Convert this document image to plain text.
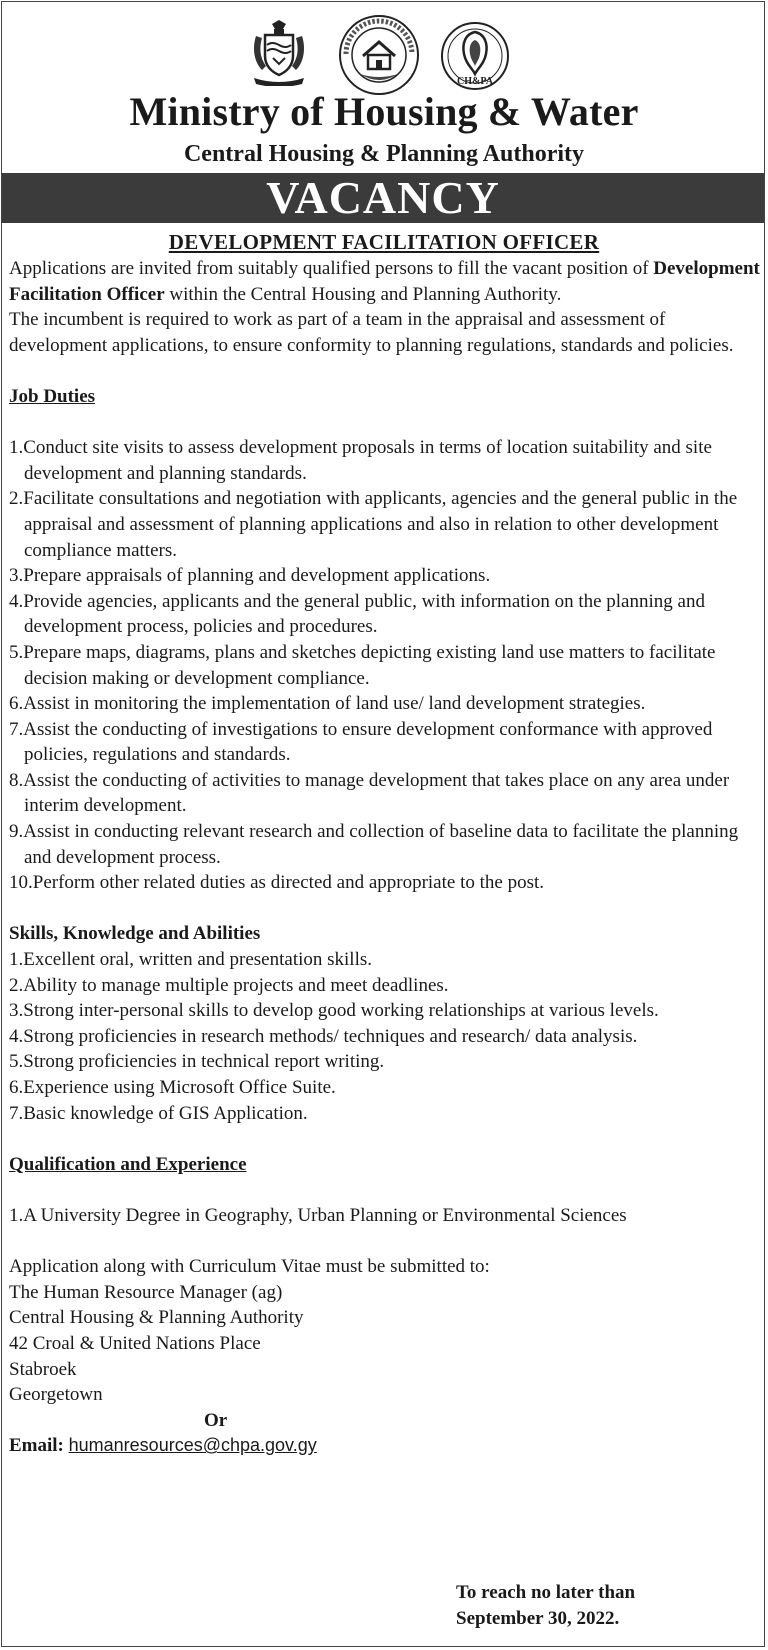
CH&PA
Ministry of Housing & Water
Central Housing & Planning Authority
VACANCY
DEVELOPMENT FACILITATION OFFICER

Applications are invited from suitably qualified persons to fill the vacant position of Development Facilitation Officer within the Central Housing and Planning Authority.

The incumbent is required to work as part of a team in the appraisal and assessment of development applications, to ensure conformity to planning regulations, standards and policies.

Job Duties

1.Conduct site visits to assess development proposals in terms of location suitability and site development and planning standards.

2.Facilitate consultations and negotiation with applicants, agencies and the general public in the appraisal and assessment of planning applications and also in relation to other development compliance matters.

3.Prepare appraisals of planning and development applications.

4.Provide agencies, applicants and the general public, with information on the planning and development process, policies and procedures.

5.Prepare maps, diagrams, plans and sketches depicting existing land use matters to facilitate decision making or development compliance.

6.Assist in monitoring the implementation of land use/ land development strategies.

7.Assist the conducting of investigations to ensure development conformance with approved policies, regulations and standards.

8.Assist the conducting of activities to manage development that takes place on any area under interim development.

9.Assist in conducting relevant research and collection of baseline data to facilitate the planning and development process.

10.Perform other related duties as directed and appropriate to the post.

Skills, Knowledge and Abilities

1.Excellent oral, written and presentation skills.

2.Ability to manage multiple projects and meet deadlines.

3.Strong inter-personal skills to develop good working relationships at various levels.

4.Strong proficiencies in research methods/ techniques and research/ data analysis.

5.Strong proficiencies in technical report writing.

6.Experience using Microsoft Office Suite.

7.Basic knowledge of GIS Application.

Qualification and Experience

1.A University Degree in Geography, Urban Planning or Environmental Sciences

Application along with Curriculum Vitae must be submitted to:

The Human Resource Manager (ag)

Central Housing & Planning Authority

42 Croal & United Nations Place

Stabroek

Georgetown

Or

Email: humanresources@chpa.gov.gy

To reach no later than
September 30, 2022.
